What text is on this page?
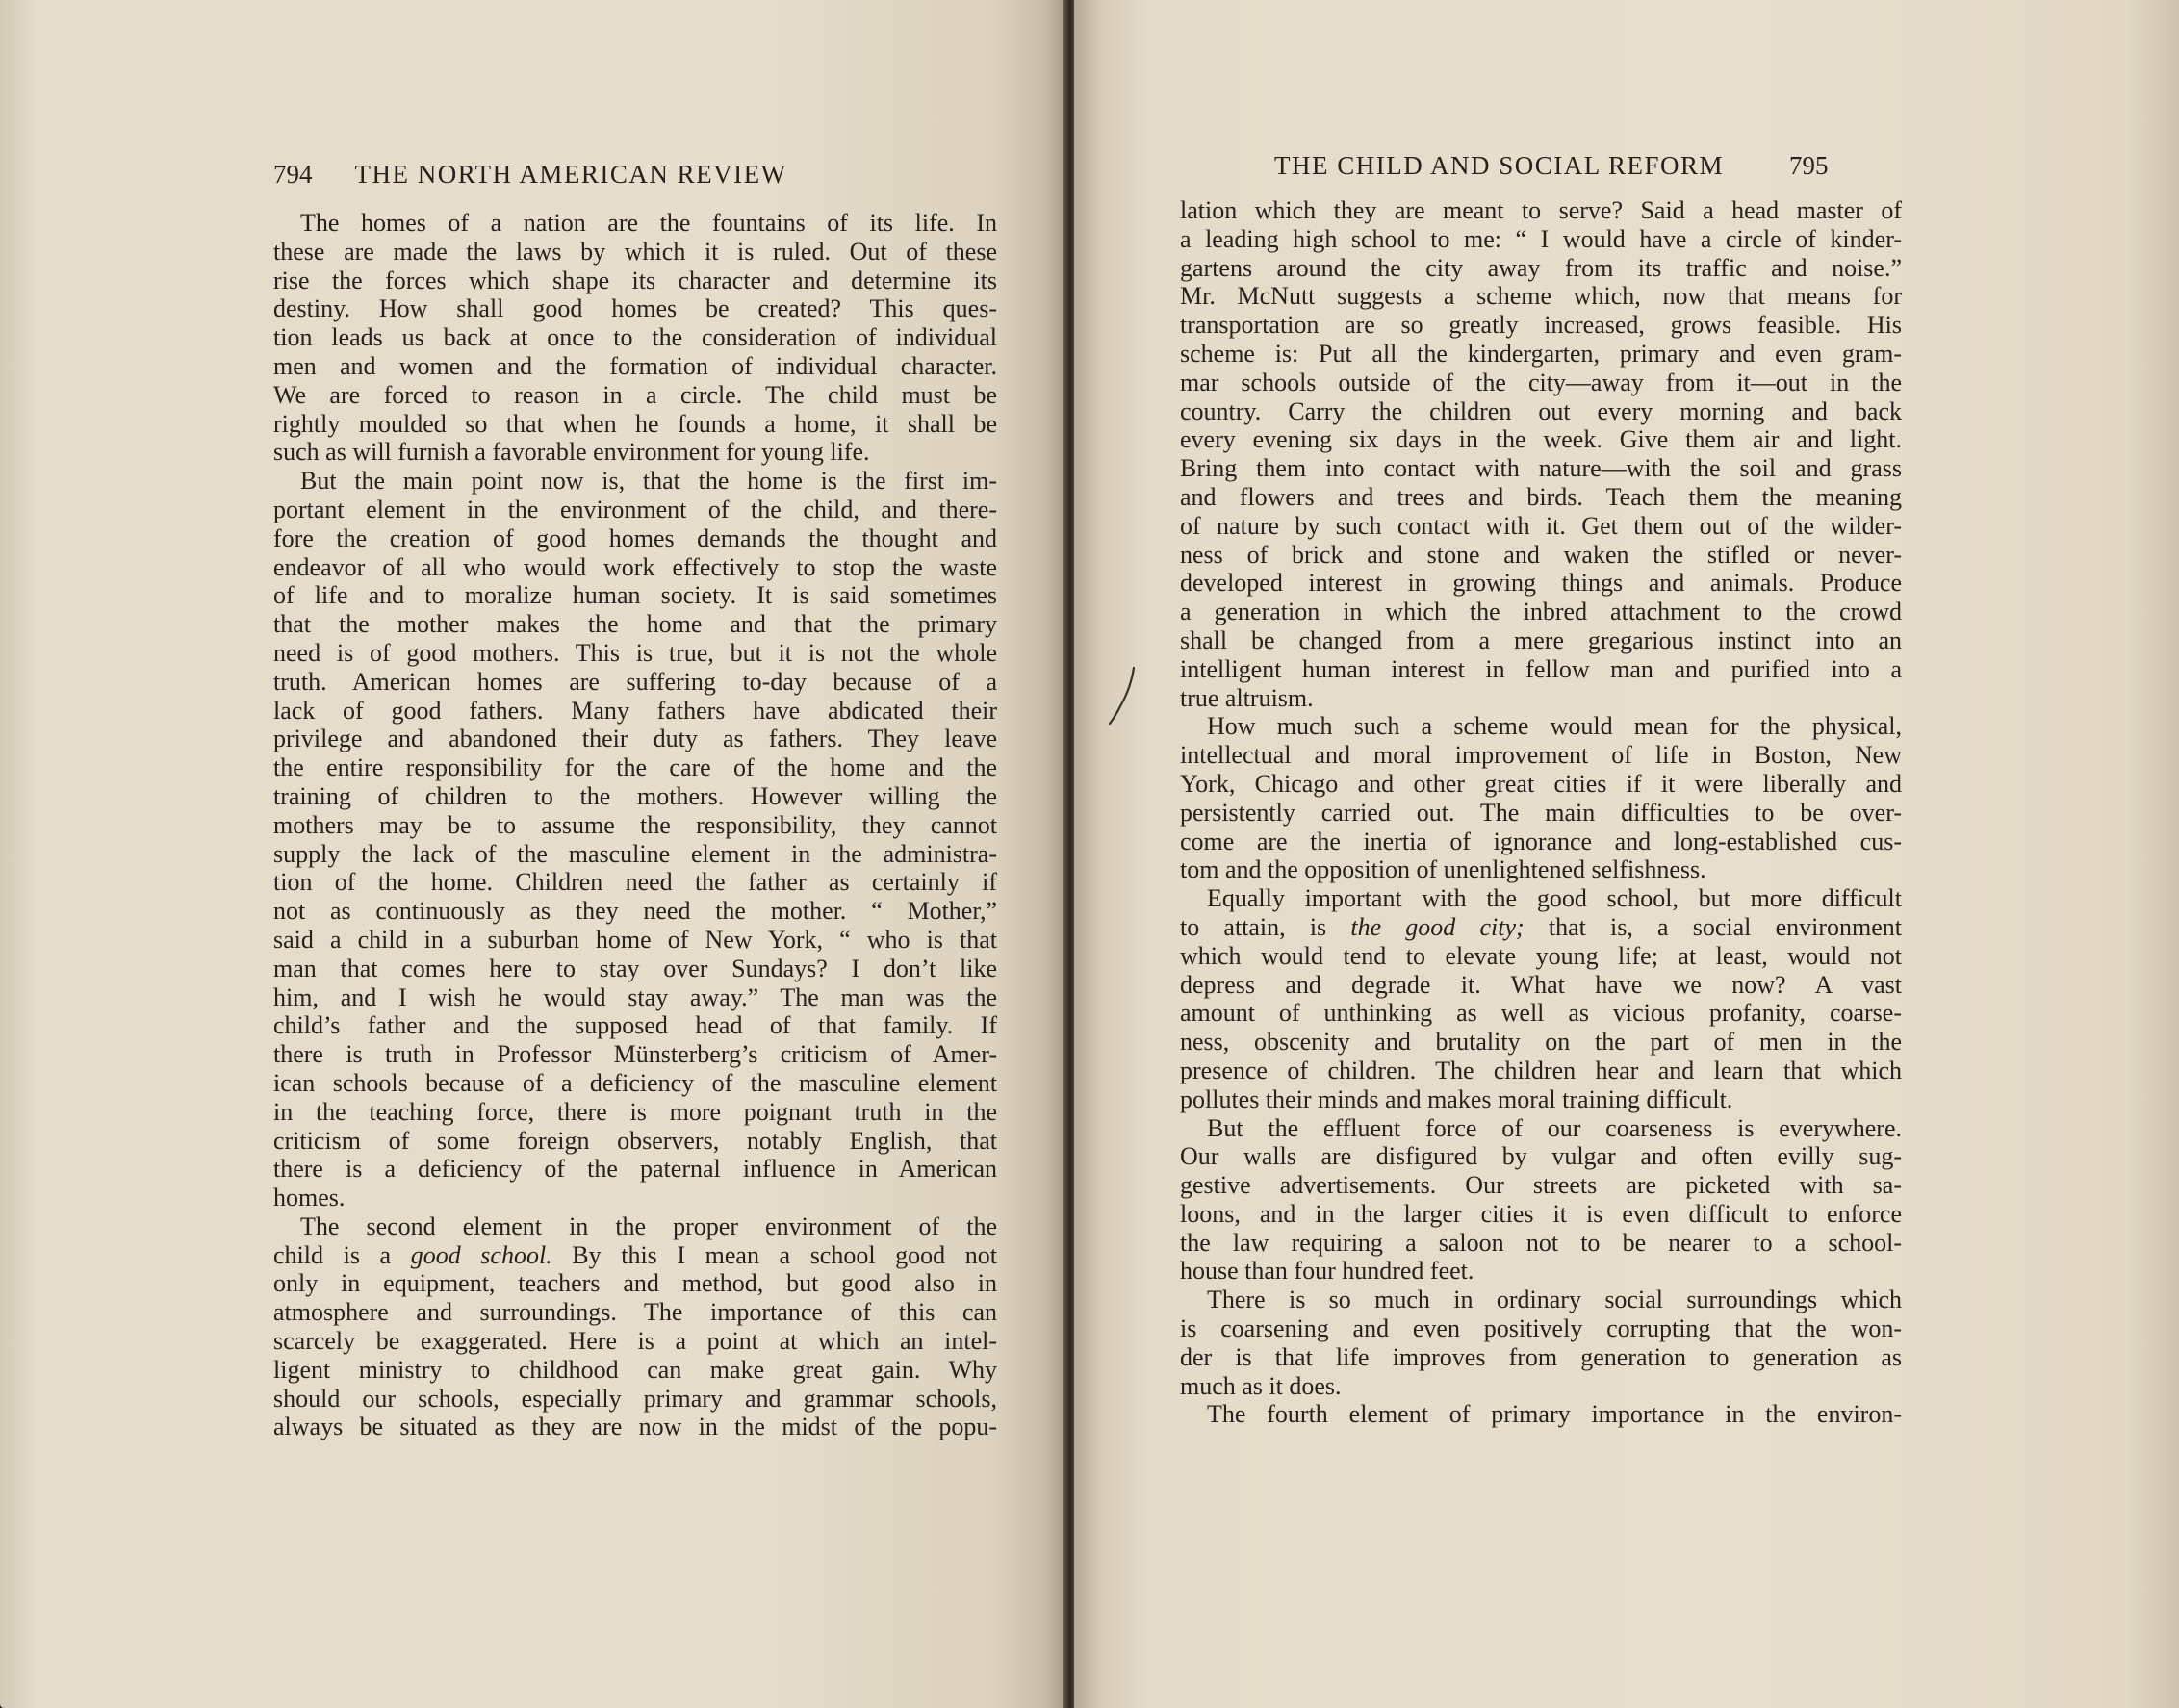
794 THE NORTH AMERICAN REVIEW	THE CHILD AND SOCIAL REFORM	795
The homes of a nation are the fountains of its life. In
these are made the laws by which it is ruled. Out of these
rise the forces which shape its character and determine its
destiny. How shall good homes be created? This ques-
tion leads us back at once to the consideration of individual
men and women and the formation of individual character.
We are forced to reason in a circle. The child must be
rightly moulded so that when he founds a home, it shall be
such as will furnish a favorable environment for young life.
But the main point now is, that the home is the first im-
portant element in the environment of the child, and there-
fore the creation of good homes demands the thought and
endeavor of all who would work effectively to stop the waste
of life and to moralize human society. It is said sometimes
that the mother makes the home and that the primary
need is of good mothers. This is true, but it is not the whole
truth. American homes are suffering to-day because of a
lack of good fathers. Many fathers have abdicated their
privilege and abandoned their duty as fathers. They leave
the entire responsibility for the care of the home and the
training of children to the mothers. However willing the
mothers may be to assume the responsibility, they cannot
supply the lack of the masculine element in the administra-
tion of the home. Children need the father as certainly if
not as continuously as they need the mother. “ Mother,”
said a child in a suburban home of New York, “ who is that
man that comes here to stay over Sundays? I don’t like
him, and I wish he would stay away.” The man was the
child’s father and the supposed head of that family. If
there is truth in Professor Münsterberg’s criticism of Amer-
ican schools because of a deficiency of the masculine element
in the teaching force, there is more poignant truth in the
criticism of some foreign observers, notably English, that
there is a deficiency of the paternal influence in American
homes.
The second element in the proper environment of the
child is a good school. By this I mean a school good not
only in equipment, teachers and method, but good also in
atmosphere and surroundings. The importance of this can
scarcely be exaggerated. Here is a point at which an intel-
ligent ministry to childhood can make great gain. Why
should our schools, especially primary and grammar schools,
always be situated as they are now in the midst of the popu-
lation which they are meant to serve? Said a head master of
a leading high school to me: “ I would have a circle of kinder-
gartens around the city away from its traffic and noise.”
Mr. McNutt suggests a scheme which, now that means for
transportation are so greatly increased, grows feasible. His
scheme is: Put all the kindergarten, primary and even gram-
mar schools outside of the city—away from it—out in the
country. Carry the children out every morning and back
every evening six days in the week. Give them air and light.
Bring them into contact with nature—with the soil and grass
and flowers and trees and birds. Teach them the meaning
of nature by such contact with it. Get them out of the wilder-
ness of brick and stone and waken the stifled or never-
developed interest in growing things and animals. Produce
a generation in which the inbred attachment to the crowd
shall be changed from a mere gregarious instinct into an
intelligent human interest in fellow man and purified into a
true altruism.
How much such a scheme would mean for the physical,
intellectual and moral improvement of life in Boston, New
York, Chicago and other great cities if it were liberally and
persistently carried out. The main difficulties to be over-
come are the inertia of ignorance and long-established cus-
tom and the opposition of unenlightened selfishness.
Equally important with the good school, but more difficult
to attain, is the good city; that is, a social environment
which would tend to elevate young life; at least, would not
depress and degrade it. What have we now? A vast
amount of unthinking as well as vicious profanity, coarse-
ness, obscenity and brutality on the part of men in the
presence of children. The children hear and learn that which
pollutes their minds and makes moral training difficult.
But the effluent force of our coarseness is everywhere.
Our walls are disfigured by vulgar and often evilly sug-
gestive advertisements. Our streets are picketed with sa-
loons, and in the larger cities it is even difficult to enforce
the law requiring a saloon not to be nearer to a school-
house than four hundred feet.
There is so much in ordinary social surroundings which
is coarsening and even positively corrupting that the won-
der is that life improves from generation to generation as
much as it does.
The fourth element of primary importance in the environ-
